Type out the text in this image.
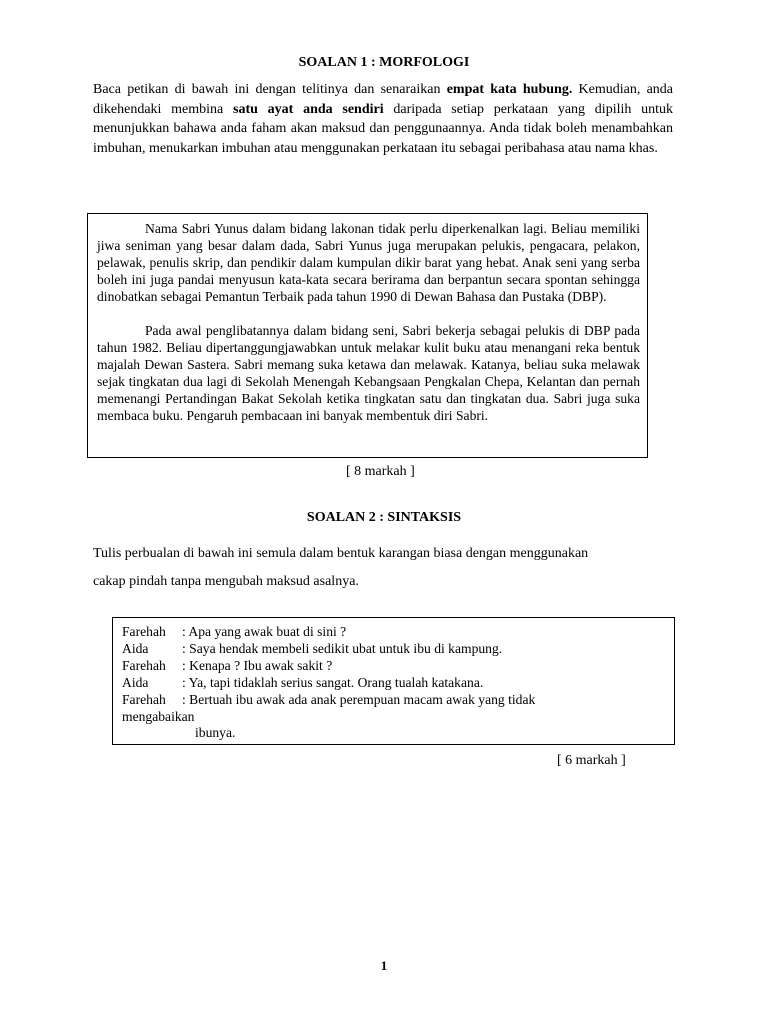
SOALAN 1 : MORFOLOGI
Baca petikan di bawah ini dengan telitinya dan senaraikan empat kata hubung. Kemudian, anda dikehendaki membina satu ayat anda sendiri daripada setiap perkataan yang dipilih untuk menunjukkan bahawa anda faham akan maksud dan penggunaannya. Anda tidak boleh menambahkan imbuhan, menukarkan imbuhan atau menggunakan perkataan itu sebagai peribahasa atau nama khas.

Nama Sabri Yunus dalam bidang lakonan tidak perlu diperkenalkan lagi. Beliau memiliki jiwa seniman yang besar dalam dada, Sabri Yunus juga merupakan pelukis, pengacara, pelakon, pelawak, penulis skrip, dan pendikir dalam kumpulan dikir barat yang hebat. Anak seni yang serba boleh ini juga pandai menyusun kata-kata secara berirama dan berpantun secara spontan sehingga dinobatkan sebagai Pemantun Terbaik pada tahun 1990 di Dewan Bahasa dan Pustaka (DBP).

Pada awal penglibatannya dalam bidang seni, Sabri bekerja sebagai pelukis di DBP pada tahun 1982. Beliau dipertanggungjawabkan untuk melakar kulit buku atau menangani reka bentuk majalah Dewan Sastera. Sabri memang suka ketawa dan melawak. Katanya, beliau suka melawak sejak tingkatan dua lagi di Sekolah Menengah Kebangsaan Pengkalan Chepa, Kelantan dan pernah memenangi Pertandingan Bakat Sekolah ketika tingkatan satu dan tingkatan dua. Sabri juga suka membaca buku. Pengaruh pembacaan ini banyak membentuk diri Sabri.

[ 8 markah ]
SOALAN 2 : SINTAKSIS
Tulis perbualan di bawah ini semula dalam bentuk karangan biasa dengan menggunakan
cakap pindah tanpa mengubah maksud asalnya.
Farehah : Apa yang awak buat di sini ?
Aida : Saya hendak membeli sedikit ubat untuk ibu di kampung.
Farehah : Kenapa ? Ibu awak sakit ?
Aida : Ya, tapi tidaklah serius sangat. Orang tualah katakana.
Farehah : Bertuah ibu awak ada anak perempuan macam awak yang tidak
mengabaikan
ibunya.
[ 6 markah ]
1
